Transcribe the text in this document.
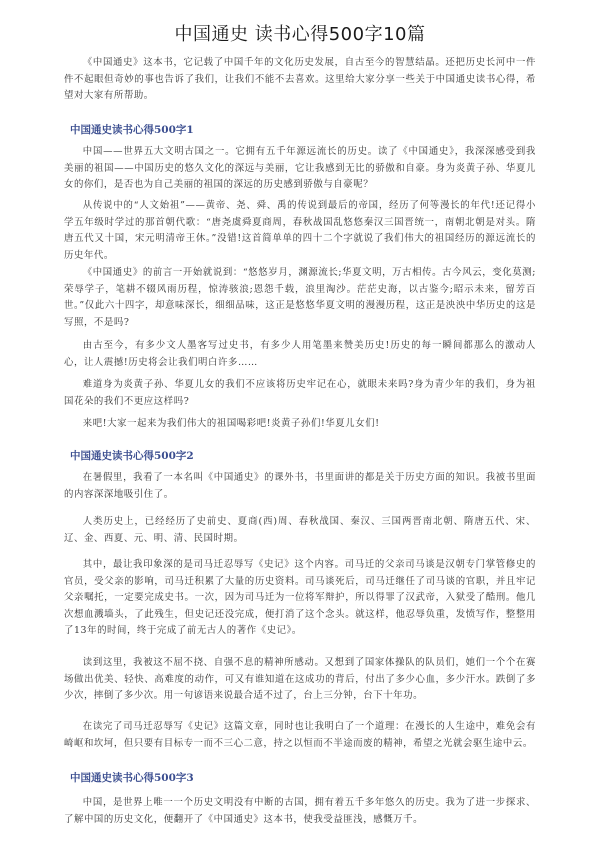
中国通史 读书心得500字10篇

《中国通史》这本书，它记载了中国千年的文化历史发展，自古至今的智慧结晶。还把历史长河中一件件不起眼但奇妙的事也告诉了我们，让我们不能不去喜欢。这里给大家分享一些关于中国通史读书心得，希望对大家有所帮助。

中国通史读书心得500字1

中国——世界五大文明古国之一。它拥有五千年源远流长的历史。读了《中国通史》，我深深感受到我美丽的祖国——中国历史的悠久文化的深远与美丽，它让我感到无比的骄傲和自豪。身为炎黄子孙、华夏儿女的你们，是否也为自己美丽的祖国的深远的历史感到骄傲与自豪呢？

从传说中的“人文始祖”——黄帝、尧、舜、禹的传说到最后的帝国，经历了何等漫长的年代!还记得小学五年级时学过的那首朝代歌：“唐尧虞舜夏商周，春秋战国乱悠悠秦汉三国晋统一，南朝北朝是对头。隋唐五代又十国，宋元明清帝王休。”没错!这首简单单的四十二个字就说了我们伟大的祖国经历的源远流长的历史年代。

《中国通史》的前言一开始就说到：“悠悠岁月，渊源流长;华夏文明，万古相传。古今风云，变化莫测;荣辱学子，笔耕不辍风雨历程，惊涛骇浪;恩怨千载，浪里淘沙。茫茫史海，以古鉴今;昭示未来，留芳百世。”仅此六十四字，却意味深长，细细品味，这正是悠悠华夏文明的漫漫历程，这正是泱泱中华历史的这是写照，不是吗?

由古至今，有多少文人墨客写过史书，有多少人用笔墨来赞美历史!历史的每一瞬间都那么的激动人心，让人震撼!历史将会让我们明白许多……

难道身为炎黄子孙、华夏儿女的我们不应该将历史牢记在心，就眼未来吗?身为青少年的我们，身为祖国花朵的我们不更应这样吗?

来吧!大家一起来为我们伟大的祖国喝彩吧!炎黄子孙们!华夏儿女们!

中国通史读书心得500字2

在暑假里，我看了一本名叫《中国通史》的课外书，书里面讲的都是关于历史方面的知识。我被书里面的内容深深地吸引住了。

人类历史上，已经经历了史前史、夏商(西)周、春秋战国、秦汉、三国两晋南北朝、隋唐五代、宋、辽、金、西夏、元、明、清、民国时期。

其中，最让我印象深的是司马迁忍辱写《史记》这个内容。司马迁的父亲司马谈是汉朝专门掌管修史的官员，受父亲的影响，司马迁积累了大量的历史资料。司马谈死后，司马迁继任了司马谈的官职，并且牢记父亲嘱托，一定要完成史书。一次，因为司马迁为一位将军辩护，所以得罪了汉武帝，入狱受了酷刑。他几次想血溅墙头，了此残生，但史记还没完成，便打消了这个念头。就这样，他忍辱负重，发愤写作，整整用了13年的时间，终于完成了前无古人的著作《史记》。

读到这里，我被这不屈不挠、自强不息的精神所感动。又想到了国家体操队的队员们，她们一个个在赛场做出优美、轻快、高难度的动作，可又有谁知道在这成功的背后，付出了多少心血，多少汗水。跌倒了多少次，摔倒了多少次。用一句谚语来说最合适不过了，台上三分钟，台下十年功。

在读完了司马迁忍辱写《史记》这篇文章，同时也让我明白了一个道理：在漫长的人生途中，难免会有崎岖和坎坷，但只要有目标专一而不三心二意，持之以恒而不半途而废的精神，希望之光就会驱生途中云。

中国通史读书心得500字3

中国，是世界上唯一一个历史文明没有中断的古国，拥有着五千多年悠久的历史。我为了进一步探求、了解中国的历史文化，便翻开了《中国通史》这本书，使我受益匪浅，感慨万千。
